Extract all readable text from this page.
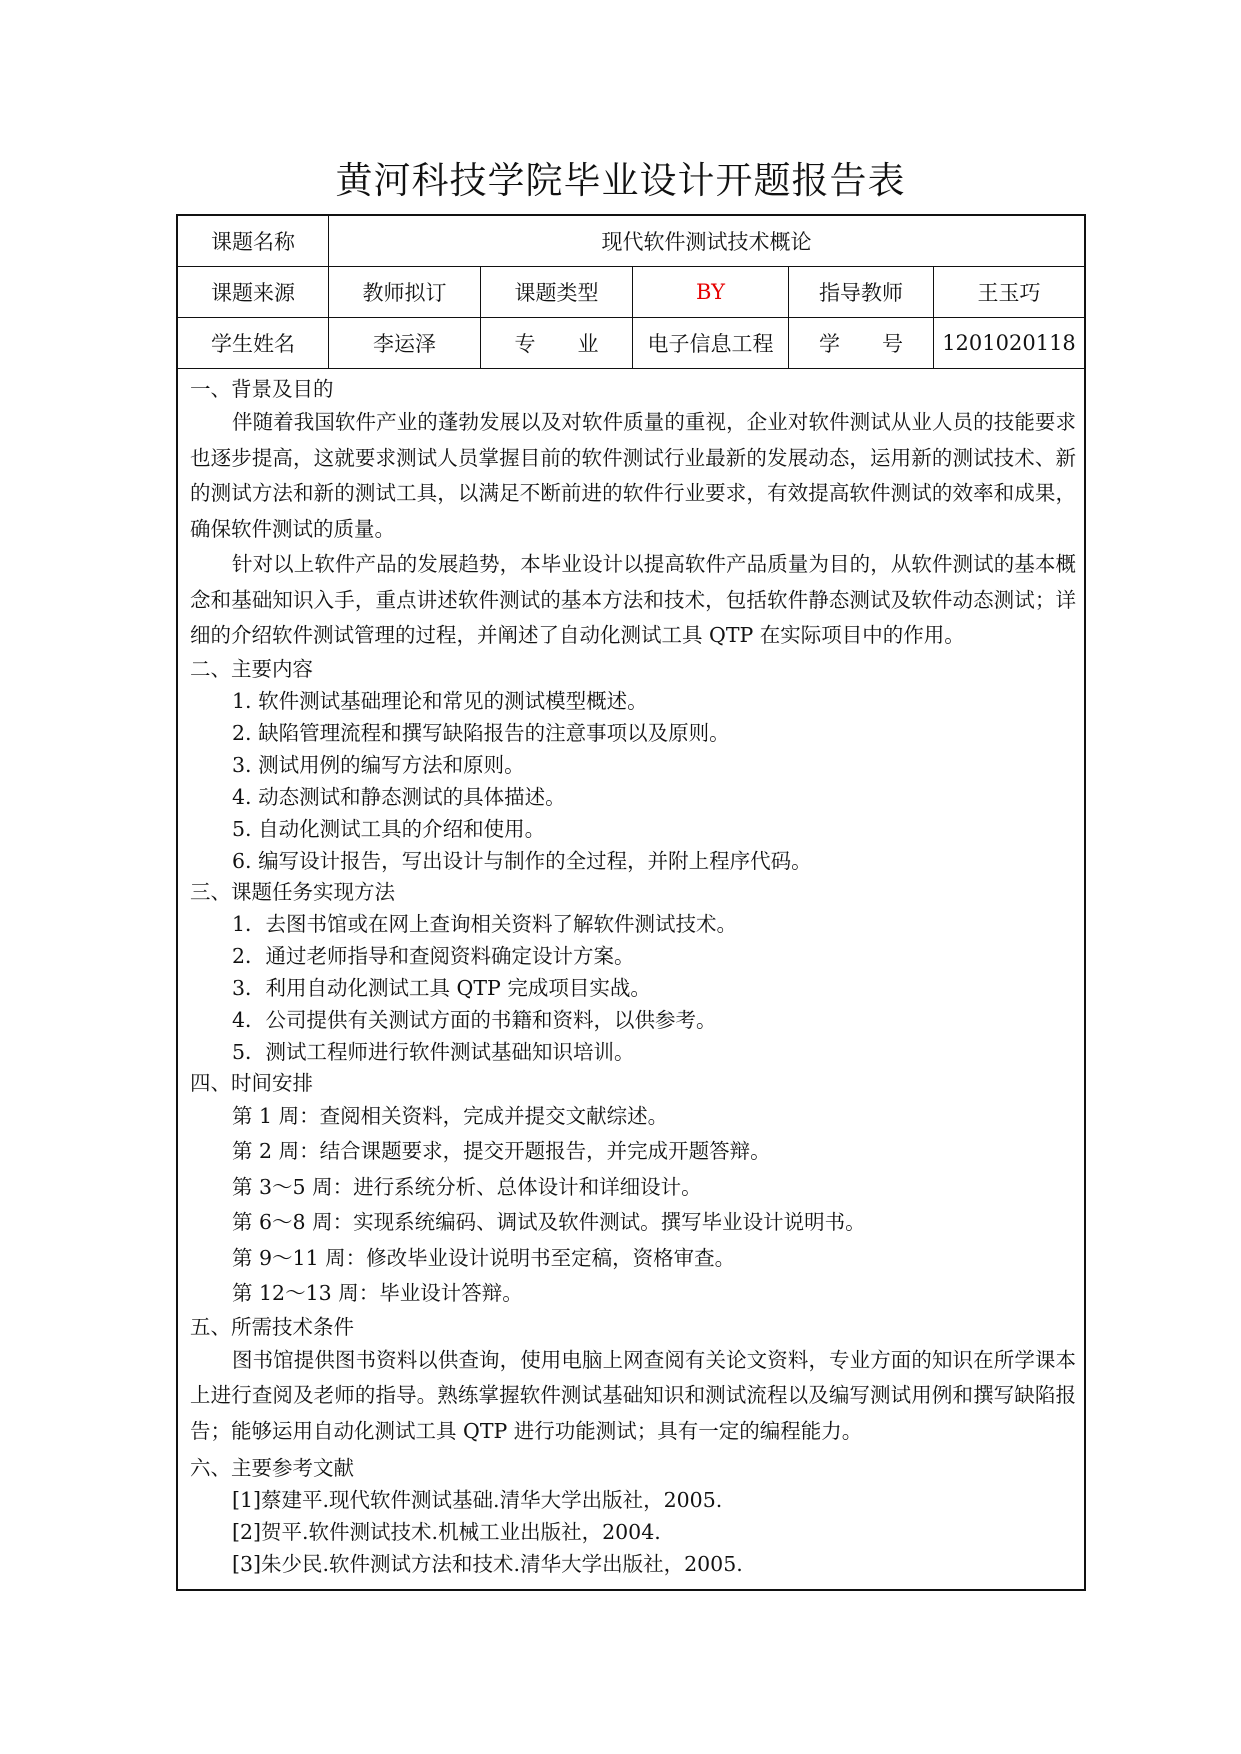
黄河科技学院毕业设计开题报告表
课题名称	现代软件测试技术概论
课题来源	教师拟订	课题类型	BY	指导教师	王玉巧
学生姓名	李运泽	专　　业	电子信息工程	学　　号	1201020118
一、背景及目的

伴随着我国软件产业的蓬勃发展以及对软件质量的重视，企业对软件测试从业人员的技能要求也逐步提高，这就要求测试人员掌握目前的软件测试行业最新的发展动态，运用新的测试技术、新的测试方法和新的测试工具，以满足不断前进的软件行业要求，有效提高软件测试的效率和成果，确保软件测试的质量。

针对以上软件产品的发展趋势，本毕业设计以提高软件产品质量为目的，从软件测试的基本概念和基础知识入手，重点讲述软件测试的基本方法和技术，包括软件静态测试及软件动态测试；详细的介绍软件测试管理的过程，并阐述了自动化测试工具 QTP 在实际项目中的作用。

二、主要内容
1. 软件测试基础理论和常见的测试模型概述。
2. 缺陷管理流程和撰写缺陷报告的注意事项以及原则。
3. 测试用例的编写方法和原则。
4. 动态测试和静态测试的具体描述。
5. 自动化测试工具的介绍和使用。
6. 编写设计报告，写出设计与制作的全过程，并附上程序代码。
三、课题任务实现方法
1．去图书馆或在网上查询相关资料了解软件测试技术。
2．通过老师指导和查阅资料确定设计方案。
3．利用自动化测试工具 QTP 完成项目实战。
4．公司提供有关测试方面的书籍和资料，以供参考。
5．测试工程师进行软件测试基础知识培训。
四、时间安排
第 1 周：查阅相关资料，完成并提交文献综述。
第 2 周：结合课题要求，提交开题报告，并完成开题答辩。
第 3～5 周：进行系统分析、总体设计和详细设计。
第 6～8 周：实现系统编码、调试及软件测试。撰写毕业设计说明书。
第 9～11 周：修改毕业设计说明书至定稿，资格审查。
第 12～13 周：毕业设计答辩。
五、所需技术条件

图书馆提供图书资料以供查询，使用电脑上网查阅有关论文资料，专业方面的知识在所学课本上进行查阅及老师的指导。熟练掌握软件测试基础知识和测试流程以及编写测试用例和撰写缺陷报告；能够运用自动化测试工具 QTP 进行功能测试；具有一定的编程能力。

六、主要参考文献
[1]蔡建平.现代软件测试基础.清华大学出版社，2005.
[2]贺平.软件测试技术.机械工业出版社，2004.
[3]朱少民.软件测试方法和技术.清华大学出版社，2005.
